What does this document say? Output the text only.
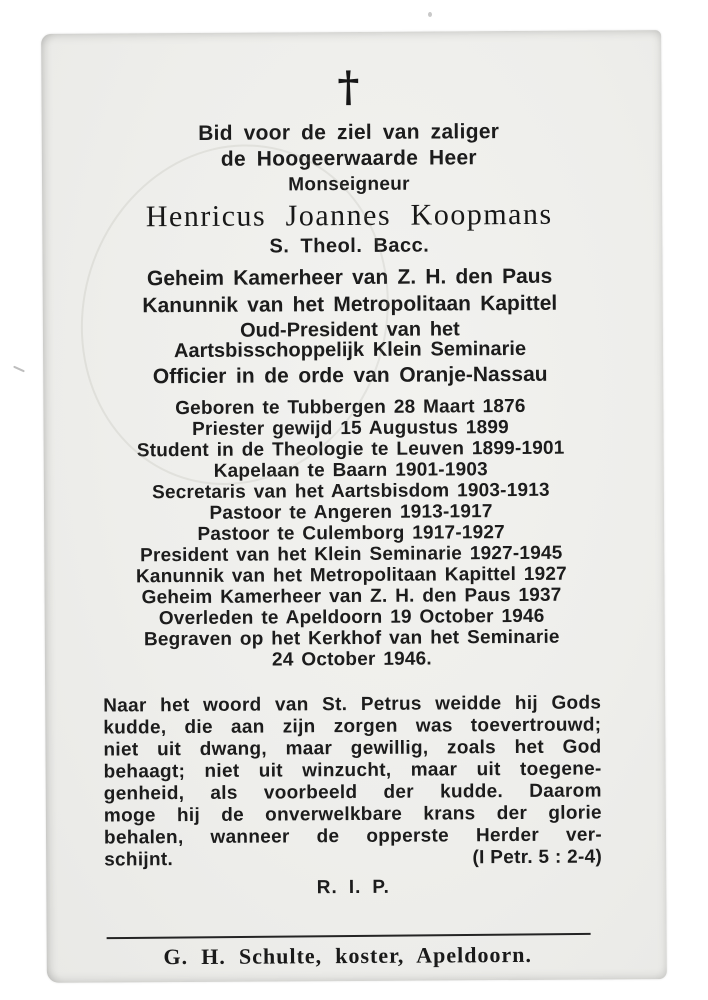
†
Bid voor de ziel van zaliger
de Hoogeerwaarde Heer
Monseigneur
Henricus Joannes Koopmans
S. Theol. Bacc.
Geheim Kamerheer van Z. H. den Paus
Kanunnik van het Metropolitaan Kapittel
Oud-President van het
Aartsbisschoppelijk Klein Seminarie
Officier in de orde van Oranje-Nassau
Geboren te Tubbergen 28 Maart 1876
Priester gewijd 15 Augustus 1899
Student in de Theologie te Leuven 1899-1901
Kapelaan te Baarn 1901-1903
Secretaris van het Aartsbisdom 1903-1913
Pastoor te Angeren 1913-1917
Pastoor te Culemborg 1917-1927
President van het Klein Seminarie 1927-1945
Kanunnik van het Metropolitaan Kapittel 1927
Geheim Kamerheer van Z. H. den Paus 1937
Overleden te Apeldoorn 19 October 1946
Begraven op het Kerkhof van het Seminarie
24 October 1946.
Naar het woord van St. Petrus weidde hij Gods
kudde, die aan zijn zorgen was toevertrouwd;
niet uit dwang, maar gewillig, zoals het God
behaagt; niet uit winzucht, maar uit toegene-
genheid, als voorbeeld der kudde. Daarom
moge hij de onverwelkbare krans der glorie
behalen, wanneer de opperste Herder ver-
schijnt.	(I Petr. 5 : 2-4)
R. I. P.
G. H. Schulte, koster, Apeldoorn.
